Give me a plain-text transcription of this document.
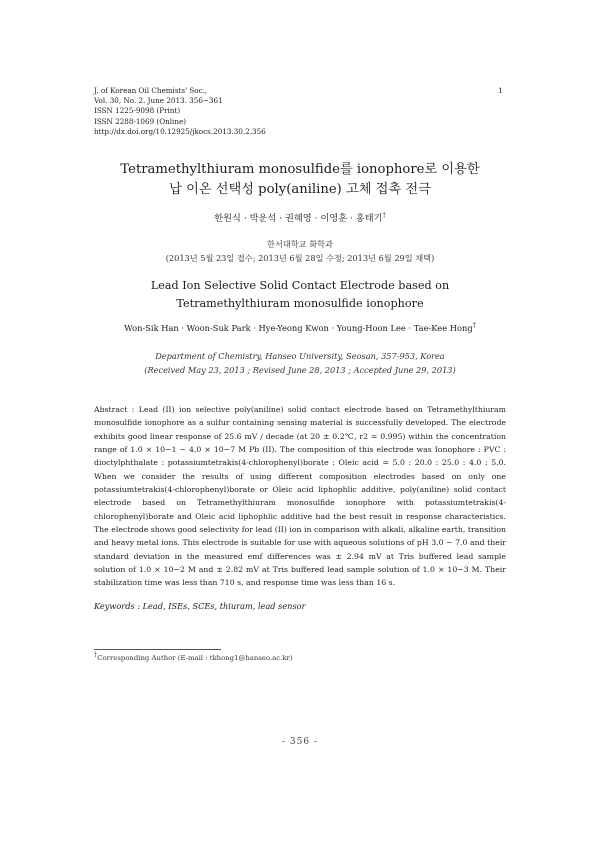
J. of Korean Oil Chemists' Soc.,
Vol. 30, No. 2. June 2013. 356~361
ISSN 1225-9098 (Print)
ISSN 2288-1069 (Online)
http://dx.doi.org/10.12925/jkocs.2013.30.2.356
1
Tetramethylthiuram monosulfide를 ionophore로 이용한
납 이온 선택성 poly(aniline) 고체 접촉 전극
한원식 · 박운석 · 권혜영 · 이영훈 · 홍태기†
한서대학교 화학과
(2013년 5월 23일 접수; 2013년 6월 28일 수정; 2013년 6월 29일 채택)
Lead Ion Selective Solid Contact Electrode based on
Tetramethylthiuram monosulfide ionophore
Won-Sik Han · Woon-Suk Park · Hye-Yeong Kwon · Young-Hoon Lee · Tae-Kee Hong†
Department of Chemistry, Hanseo University, Seosan, 357-953, Korea
(Received May 23, 2013 ; Revised June 28, 2013 ; Accepted June 29, 2013)
Abstract : Lead (II) ion selective poly(aniline) solid contact electrode based on Tetramethylthiuram monosulfide ionophore as a sulfur containing sensing material is successfully developed. The electrode exhibits good linear response of 25.6 mV / decade (at 20 ± 0.2℃, r2 = 0.995) within the concentration range of 1.0 × 10−1 ~ 4.0 × 10−7 M Pb (II). The composition of this electrode was Ionophore : PVC : dioctylphthalate : potassiumtetrakis(4-chlorophenyl)borate : Oleic acid = 5.0 : 20.0 : 25.0 : 4.0 : 5.0. When we consider the results of using different composition electrodes based on only one potassiumtetrakis(4-chlorophenyl)borate or Oleic acid liphophlic additive, poly(aniline) solid contact electrode based on Tetramethylthiuram monosulfide ionophore with potassiumtetrakis(4-chlorophenyl)borate and Oleic acid liphophlic additive had the best result in response characteristics. The electrode shows good selectivity for lead (II) ion in comparison with alkali, alkaline earth, transition and heavy metal ions. This electrode is suitable for use with aqueous solutions of pH 3.0 ~ 7.0 and their standard deviation in the measured emf differences was ± 2.94 mV at Tris buffered lead sample solution of 1.0 × 10−2 M and ± 2.82 mV at Tris buffered lead sample solution of 1.0 × 10−3 M. Their stabilization time was less than 710 s, and response time was less than 16 s.
Keywords : Lead, ISEs, SCEs, thiuram, lead sensor
†Corresponding Author (E-mail : tkhong1@hanseo.ac.kr)
- 356 -
